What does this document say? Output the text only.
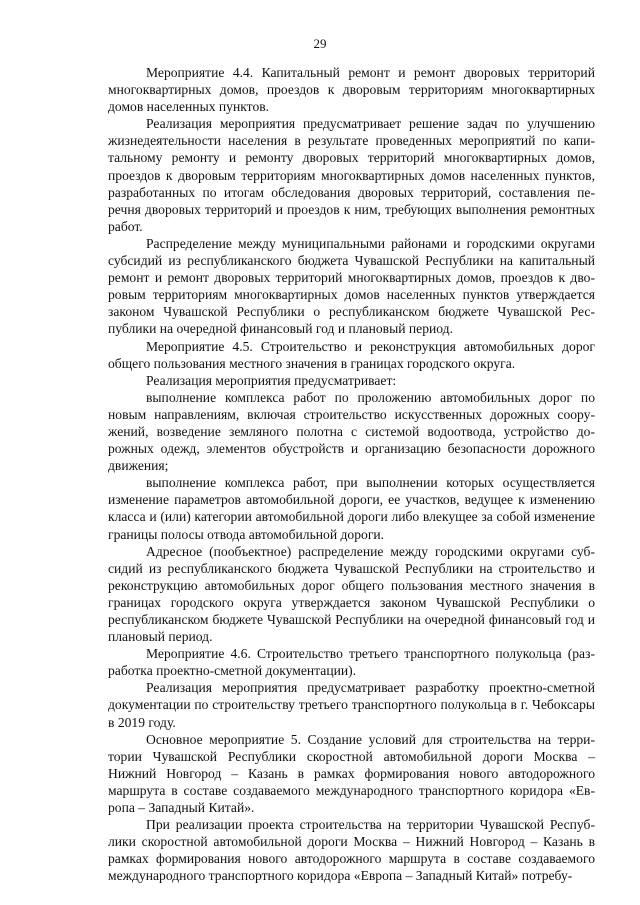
29

Мероприятие 4.4. Капитальный ремонт и ремонт дворовых территорий многоквартирных домов, проездов к дворовым территориям многоквартирных домов населенных пунктов.

Реализация мероприятия предусматривает решение задач по улучшению жизнедеятельности населения в результате проведенных мероприятий по капитальному ремонту и ремонту дворовых территорий многоквартирных домов, проездов к дворовым территориям многоквартирных домов населенных пунктов, разработанных по итогам обследования дворовых территорий, составления перечня дворовых территорий и проездов к ним, требующих выполнения ремонтных работ.

Распределение между муниципальными районами и городскими округами субсидий из республиканского бюджета Чувашской Республики на капитальный ремонт и ремонт дворовых территорий многоквартирных домов, проездов к дворовым территориям многоквартирных домов населенных пунктов утверждается законом Чувашской Республики о республиканском бюджете Чувашской Республики на очередной финансовый год и плановый период.

Мероприятие 4.5. Строительство и реконструкция автомобильных дорог общего пользования местного значения в границах городского округа.

Реализация мероприятия предусматривает:

выполнение комплекса работ по проложению автомобильных дорог по новым направлениям, включая строительство искусственных дорожных сооружений, возведение земляного полотна с системой водоотвода, устройство дорожных одежд, элементов обустройств и организацию безопасности дорожного движения;

выполнение комплекса работ, при выполнении которых осуществляется изменение параметров автомобильной дороги, ее участков, ведущее к изменению класса и (или) категории автомобильной дороги либо влекущее за собой изменение границы полосы отвода автомобильной дороги.

Адресное (пообъектное) распределение между городскими округами субсидий из республиканского бюджета Чувашской Республики на строительство и реконструкцию автомобильных дорог общего пользования местного значения в границах городского округа утверждается законом Чувашской Республики о республиканском бюджете Чувашской Республики на очередной финансовый год и плановый период.

Мероприятие 4.6. Строительство третьего транспортного полукольца (разработка проектно-сметной документации).

Реализация мероприятия предусматривает разработку проектно-сметной документации по строительству третьего транспортного полукольца в г. Чебоксары в 2019 году.

Основное мероприятие 5. Создание условий для строительства на территории Чувашской Республики скоростной автомобильной дороги Москва – Нижний Новгород – Казань в рамках формирования нового автодорожного маршрута в составе создаваемого международного транспортного коридора «Европа – Западный Китай».

При реализации проекта строительства на территории Чувашской Республики скоростной автомобильной дороги Москва – Нижний Новгород – Казань в рамках формирования нового автодорожного маршрута в составе создаваемого международного транспортного коридора «Европа – Западный Китай» потребу-
